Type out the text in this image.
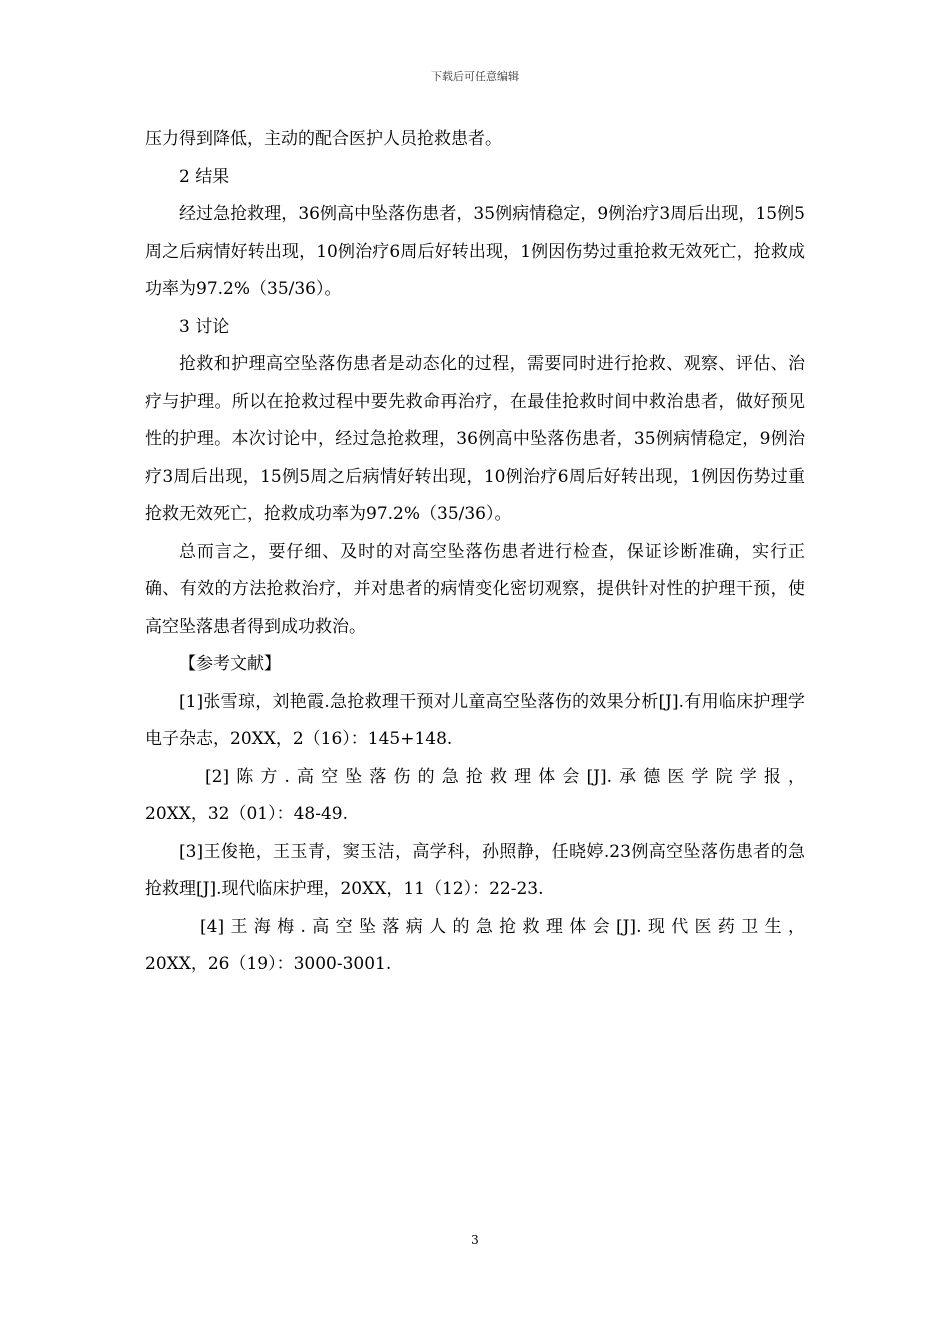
下载后可任意编辑

压力得到降低，主动的配合医护人员抢救患者。

2 结果

经过急抢救理，36例高中坠落伤患者，35例病情稳定，9例治疗3周后出现，15例5周之后病情好转出现，10例治疗6周后好转出现，1例因伤势过重抢救无效死亡，抢救成功率为97.2%（35/36）。

3 讨论

抢救和护理高空坠落伤患者是动态化的过程，需要同时进行抢救、观察、评估、治疗与护理。所以在抢救过程中要先救命再治疗，在最佳抢救时间中救治患者，做好预见性的护理。本次讨论中，经过急抢救理，36例高中坠落伤患者，35例病情稳定，9例治疗3周后出现，15例5周之后病情好转出现，10例治疗6周后好转出现，1例因伤势过重抢救无效死亡，抢救成功率为97.2%（35/36）。

总而言之，要仔细、及时的对高空坠落伤患者进行检查，保证诊断准确，实行正确、有效的方法抢救治疗，并对患者的病情变化密切观察，提供针对性的护理干预，使高空坠落患者得到成功救治。

【参考文献】

[1]张雪琼，刘艳霞.急抢救理干预对儿童高空坠落伤的效果分析[J].有用临床护理学电子杂志，20XX，2（16）：145+148.

[2]陈方.高空坠落伤的急抢救理体会[J].承德医学院学报，

20XX，32（01）：48-49.

[3]王俊艳，王玉青，窦玉洁，高学科，孙照静，任晓婷.23例高空坠落伤患者的急抢救理[J].现代临床护理，20XX，11（12）：22-23.

[4]王海梅.高空坠落病人的急抢救理体会[J].现代医药卫生，

20XX，26（19）：3000-3001.

3
